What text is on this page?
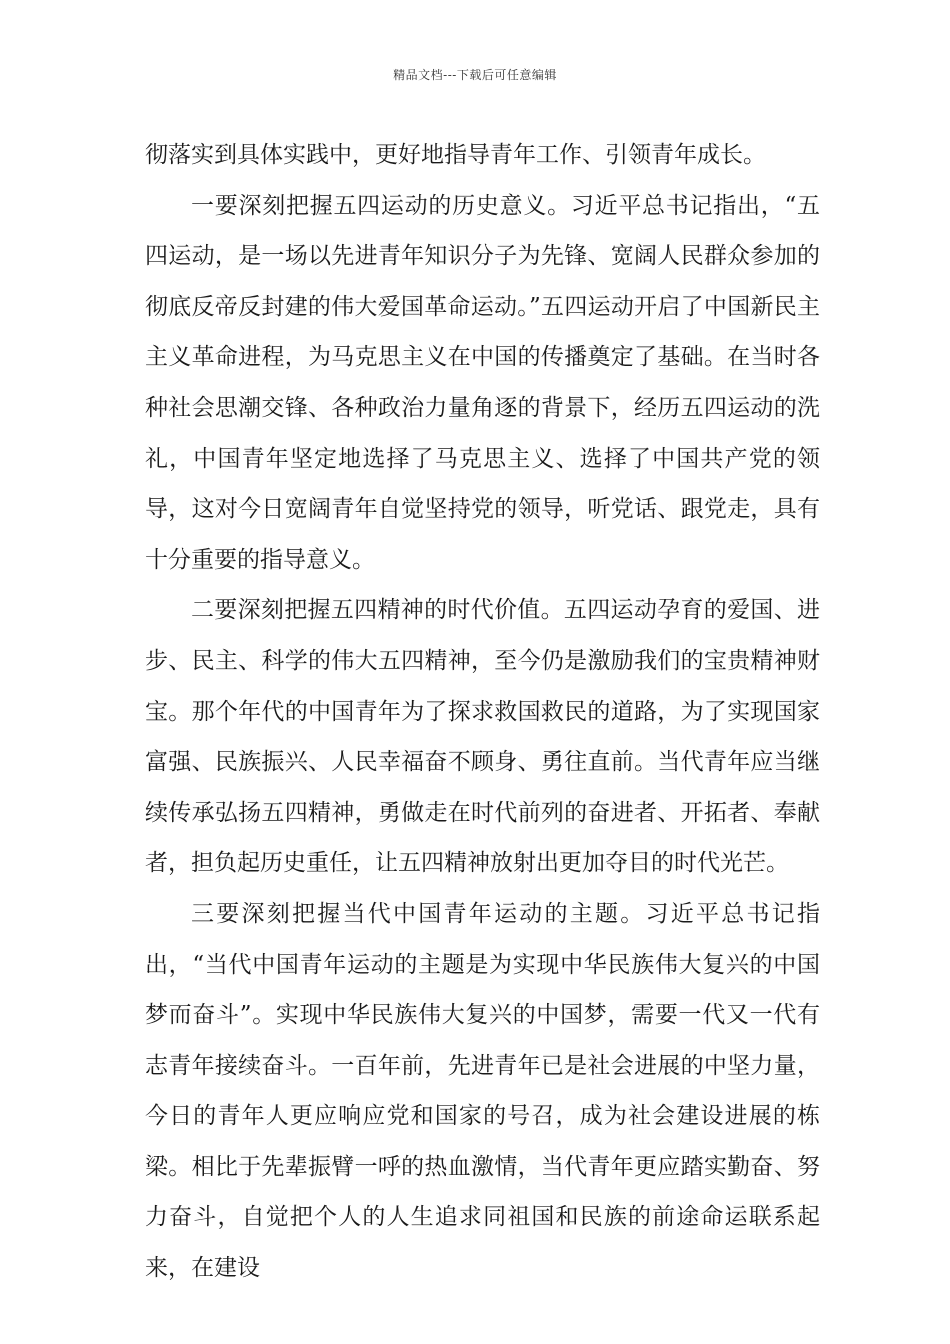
精品文档---下载后可任意编辑

彻落实到具体实践中，更好地指导青年工作、引领青年成长。

一要深刻把握五四运动的历史意义。习近平总书记指出，“五四运动，是一场以先进青年知识分子为先锋、宽阔人民群众参加的彻底反帝反封建的伟大爱国革命运动。”五四运动开启了中国新民主主义革命进程，为马克思主义在中国的传播奠定了基础。在当时各种社会思潮交锋、各种政治力量角逐的背景下，经历五四运动的洗礼，中国青年坚定地选择了马克思主义、选择了中国共产党的领导，这对今日宽阔青年自觉坚持党的领导，听党话、跟党走，具有十分重要的指导意义。

二要深刻把握五四精神的时代价值。五四运动孕育的爱国、进步、民主、科学的伟大五四精神，至今仍是激励我们的宝贵精神财宝。那个年代的中国青年为了探求救国救民的道路，为了实现国家富强、民族振兴、人民幸福奋不顾身、勇往直前。当代青年应当继续传承弘扬五四精神，勇做走在时代前列的奋进者、开拓者、奉献者，担负起历史重任，让五四精神放射出更加夺目的时代光芒。

三要深刻把握当代中国青年运动的主题。习近平总书记指出，“当代中国青年运动的主题是为实现中华民族伟大复兴的中国梦而奋斗”。实现中华民族伟大复兴的中国梦，需要一代又一代有志青年接续奋斗。一百年前，先进青年已是社会进展的中坚力量，今日的青年人更应响应党和国家的号召，成为社会建设进展的栋梁。相比于先辈振臂一呼的热血激情，当代青年更应踏实勤奋、努力奋斗，自觉把个人的人生追求同祖国和民族的前途命运联系起来，在建设
